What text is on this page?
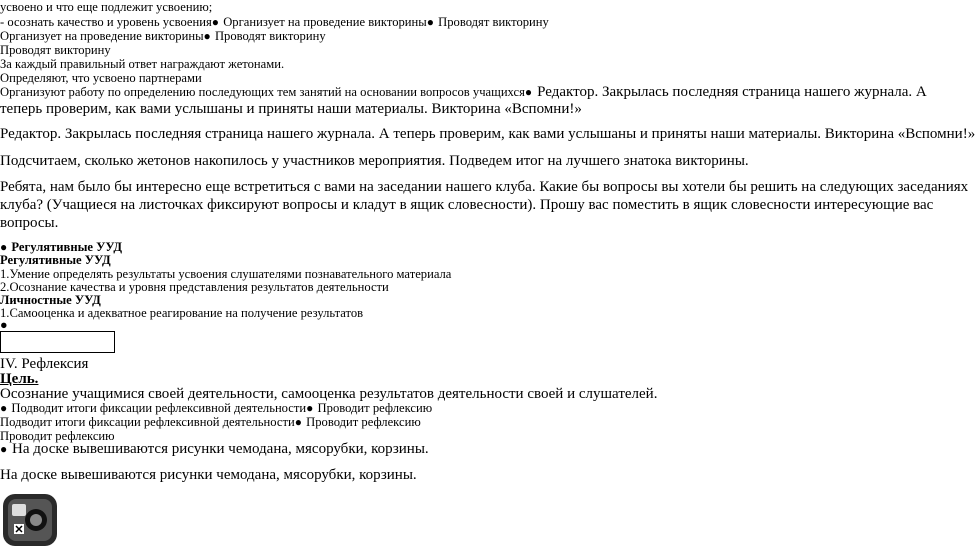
усвоено и что еще подлежит усвоению;
- осознать качество и уровень усвоения● Организует на проведение викторины● Проводят викторину
Организует на проведение викторины● Проводят викторину
Проводят викторину
За каждый правильный ответ награждают жетонами.
Определяют, что усвоено партнерами
Организуют работу по определению последующих тем занятий на основании вопросов учащихся● Редактор. Закрылась последняя страница нашего журнала. А
теперь проверим, как вами услышаны и приняты наши материалы. Викторина «Вспомни!»
Редактор. Закрылась последняя страница нашего журнала. А теперь проверим, как вами услышаны и приняты наши материалы. Викторина «Вспомни!»
Подсчитаем, сколько жетонов накопилось у участников мероприятия. Подведем итог на лучшего знатока викторины.
Ребята, нам было бы интересно еще встретиться с вами на заседании нашего клуба. Какие бы вопросы вы хотели бы решить на следующих заседаниях
клуба? (Учащиеся на листочках фиксируют вопросы и кладут в ящик словесности). Прошу вас поместить в ящик словесности интересующие вас
вопросы.
● Регулятивные УУД
Регулятивные УУД
1.Умение определять результаты усвоения слушателями познавательного материала
2.Осознание качества и уровня представления результатов деятельности
Личностные УУД
1.Самооценка и адекватное реагирование на получение результатов
●
IV. Рефлексия
Цель.
Осознание учащимися своей деятельности, самооценка результатов деятельности своей и слушателей.
● Подводит итоги фиксации рефлексивной деятельности● Проводит рефлексию
Подводит итоги фиксации рефлексивной деятельности● Проводит рефлексию
Проводит рефлексию
● На доске вывешиваются рисунки чемодана, мясорубки, корзины.
На доске вывешиваются рисунки чемодана, мясорубки, корзины.
